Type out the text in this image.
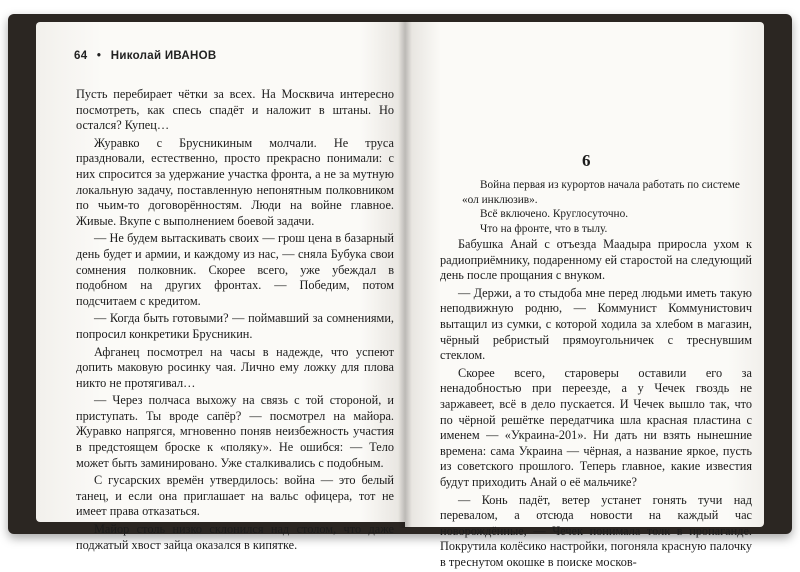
64 • Николай ИВАНОВ

Пусть перебирает чётки за всех. На Москвича интересно посмотреть, как спесь спадёт и наложит в штаны. Но остался? Купец…

Журавко с Брусникиным молчали. Не труса праздновали, естественно, просто прекрасно понимали: с них спросится за удержание участка фронта, а не за мутную локальную задачу, поставленную непонятным полковником по чьим-то договорённостям. Люди на войне главное. Живые. Вкупе с выполнением боевой задачи.

— Не будем вытаскивать своих — грош цена в базарный день будет и армии, и каждому из нас, — сняла Бубука свои сомнения полковник. Скорее всего, уже убеждал в подобном на других фронтах. — Победим, потом подсчитаем с кредитом.

— Когда быть готовыми? — поймавший за сомнениями, попросил конкретики Брусникин.

Афганец посмотрел на часы в надежде, что успеют допить маковую росинку чая. Лично ему ложку для плова никто не протягивал…

— Через полчаса выхожу на связь с той стороной, и приступать. Ты вроде сапёр? — посмотрел на майора. Журавко напрягся, мгновенно поняв неизбежность участия в предстоящем броске к «поляку». Не ошибся: — Тело может быть заминировано. Уже сталкивались с подобным.

С гусарских времён утвердилось: война — это белый танец, и если она приглашает на вальс офицера, тот не имеет права отказаться.

Майор столь низко склонился над столом, что даже поджатый хвост зайца оказался в кипятке.

6

Война первая из курортов начала работать по системе «ол инклюзив».

Всё включено. Круглосуточно.

Что на фронте, что в тылу.

Бабушка Анай с отъезда Маадыра приросла ухом к радиоприёмнику, подаренному ей старостой на следующий день после прощания с внуком.

— Держи, а то стыдоба мне перед людьми иметь такую неподвижную родню, — Коммунист Коммунистович вытащил из сумки, с которой ходила за хлебом в магазин, чёрный ребристый прямоугольничек с треснувшим стеклом.

Скорее всего, староверы оставили его за ненадобностью при переезде, а у Чечек гвоздь не заржавеет, всё в дело пускается. И Чечек вышло так, что по чёрной решётке передатчика шла красная пластина с именем — «Украина-201». Ни дать ни взять нынешние времена: сама Украина — чёрная, а название яркое, пусть из советского прошлого. Теперь главное, какие известия будут приходить Анай о её мальчике?

— Конь падёт, ветер устанет гонять тучи над перевалом, а отсюда новости на каждый час новорождённые, — Чечек понимала толк в пропаганде. Покрутила колёсико настройки, погоняла красную палочку в треснутом окошке в поиске москов-
